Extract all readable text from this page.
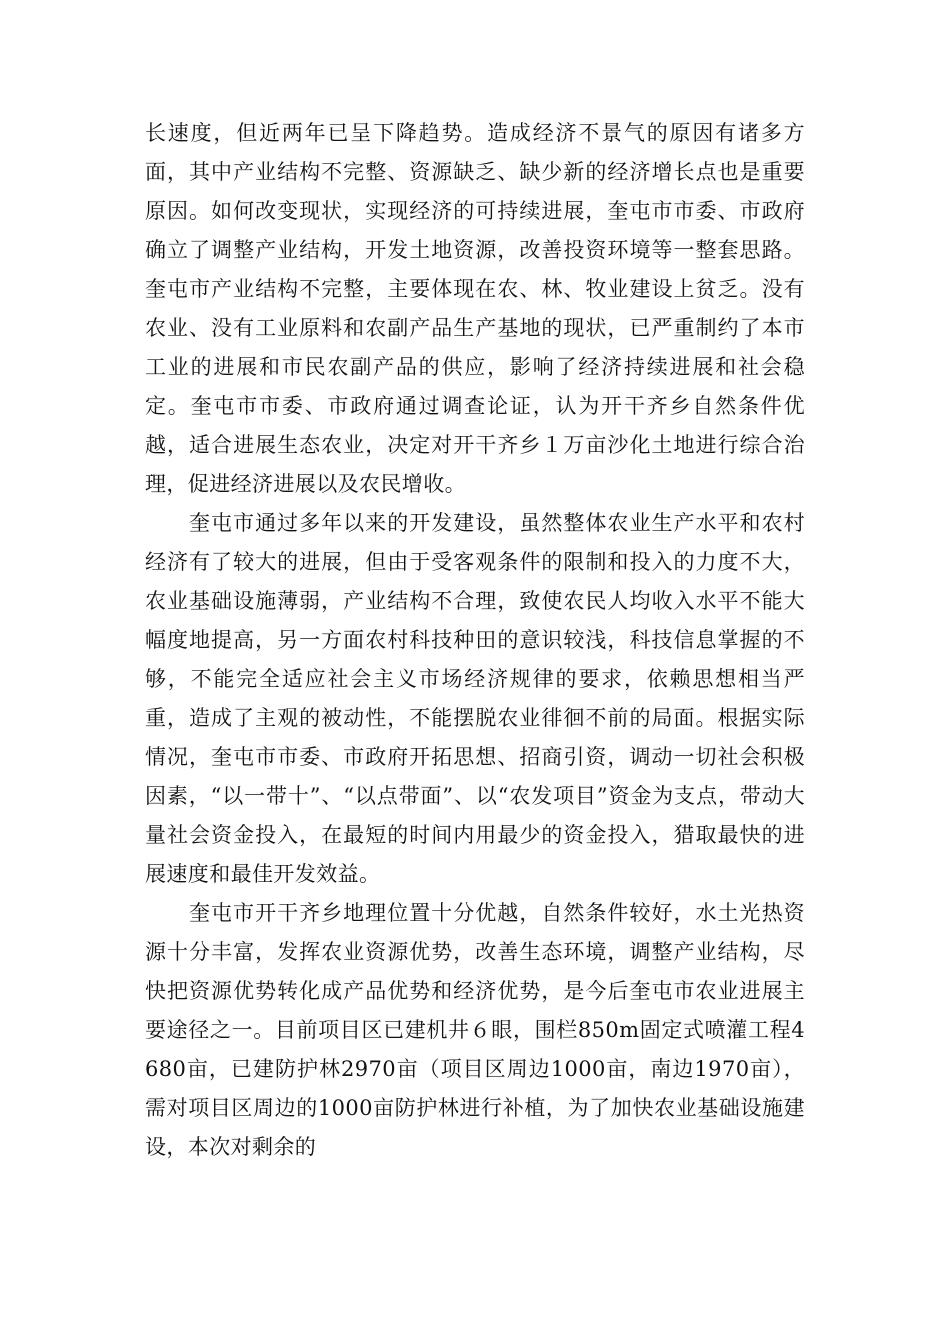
长速度，但近两年已呈下降趋势。造成经济不景气的原因有诸多方面，其中产业结构不完整、资源缺乏、缺少新的经济增长点也是重要原因。如何改变现状，实现经济的可持续进展，奎屯市市委、市政府确立了调整产业结构，开发土地资源，改善投资环境等一整套思路。奎屯市产业结构不完整，主要体现在农、林、牧业建设上贫乏。没有农业、没有工业原料和农副产品生产基地的现状，已严重制约了本市工业的进展和市民农副产品的供应，影响了经济持续进展和社会稳定。奎屯市市委、市政府通过调查论证，认为开干齐乡自然条件优越，适合进展生态农业，决定对开干齐乡１万亩沙化土地进行综合治理，促进经济进展以及农民增收。

奎屯市通过多年以来的开发建设，虽然整体农业生产水平和农村经济有了较大的进展，但由于受客观条件的限制和投入的力度不大，农业基础设施薄弱，产业结构不合理，致使农民人均收入水平不能大幅度地提高，另一方面农村科技种田的意识较浅，科技信息掌握的不够，不能完全适应社会主义市场经济规律的要求，依赖思想相当严重，造成了主观的被动性，不能摆脱农业徘徊不前的局面。根据实际情况，奎屯市市委、市政府开拓思想、招商引资，调动一切社会积极因素，“以一带十”、“以点带面”、以“农发项目”资金为支点，带动大量社会资金投入，在最短的时间内用最少的资金投入，猎取最快的进展速度和最佳开发效益。

奎屯市开干齐乡地理位置十分优越，自然条件较好，水土光热资源十分丰富，发挥农业资源优势，改善生态环境，调整产业结构，尽快把资源优势转化成产品优势和经济优势，是今后奎屯市农业进展主要途径之一。目前项目区已建机井６眼，围栏850m固定式喷灌工程4680亩，已建防护林2970亩（项目区周边1000亩，南边1970亩），需对项目区周边的1000亩防护林进行补植，为了加快农业基础设施建设，本次对剩余的
